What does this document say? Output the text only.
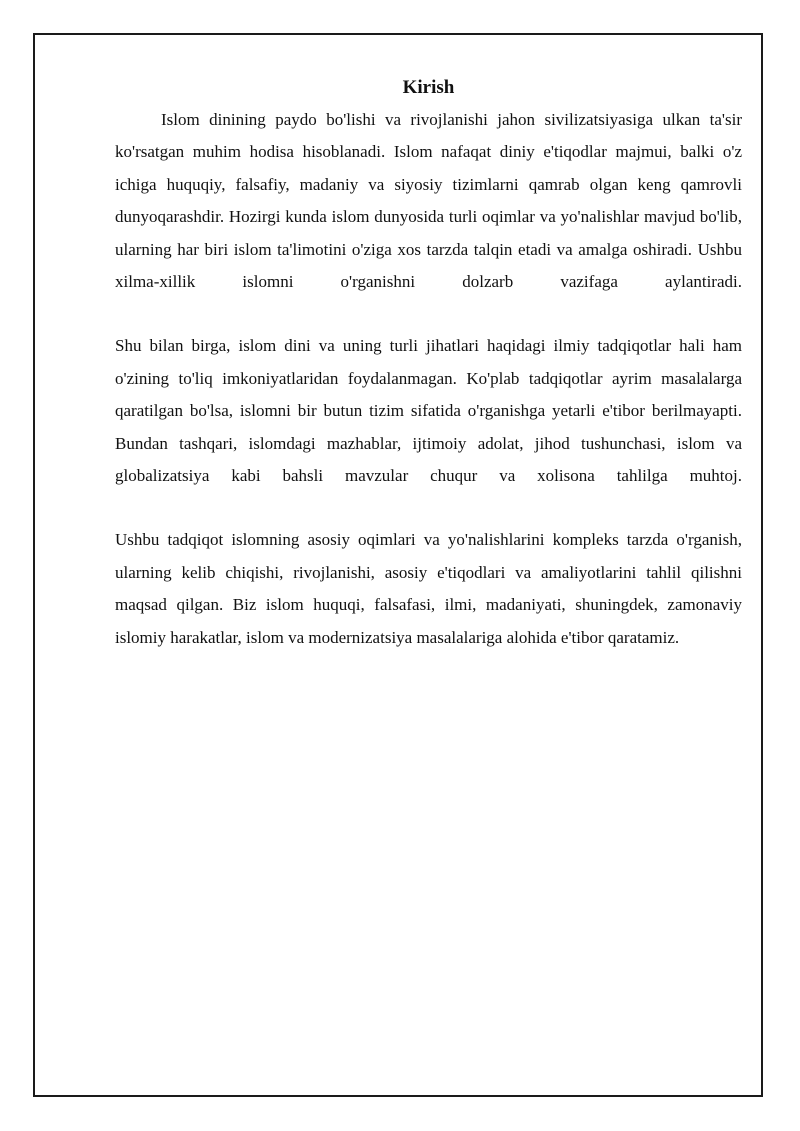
Kirish

Islom dinining paydo bo'lishi va rivojlanishi jahon sivilizatsiyasiga ulkan ta'sir ko'rsatgan muhim hodisa hisoblanadi. Islom nafaqat diniy e'tiqodlar majmui, balki o'z ichiga huquqiy, falsafiy, madaniy va siyosiy tizimlarni qamrab olgan keng qamrovli dunyoqarashdir. Hozirgi kunda islom dunyosida turli oqimlar va yo'nalishlar mavjud bo'lib, ularning har biri islom ta'limotini o'ziga xos tarzda talqin etadi va amalga oshiradi. Ushbu xilma-xillik islomni o'rganishni dolzarb vazifaga aylantiradi.

Shu bilan birga, islom dini va uning turli jihatlari haqidagi ilmiy tadqiqotlar hali ham o'zining to'liq imkoniyatlaridan foydalanmagan. Ko'plab tadqiqotlar ayrim masalalarga qaratilgan bo'lsa, islomni bir butun tizim sifatida o'rganishga yetarli e'tibor berilmayapti. Bundan tashqari, islomdagi mazhablar, ijtimoiy adolat, jihod tushunchasi, islom va globalizatsiya kabi bahsli mavzular chuqur va xolisona tahlilga muhtoj.

Ushbu tadqiqot islomning asosiy oqimlari va yo'nalishlarini kompleks tarzda o'rganish, ularning kelib chiqishi, rivojlanishi, asosiy e'tiqodlari va amaliyotlarini tahlil qilishni maqsad qilgan. Biz islom huquqi, falsafasi, ilmi, madaniyati, shuningdek, zamonaviy islomiy harakatlar, islom va modernizatsiya masalalariga alohida e'tibor qaratamiz.
